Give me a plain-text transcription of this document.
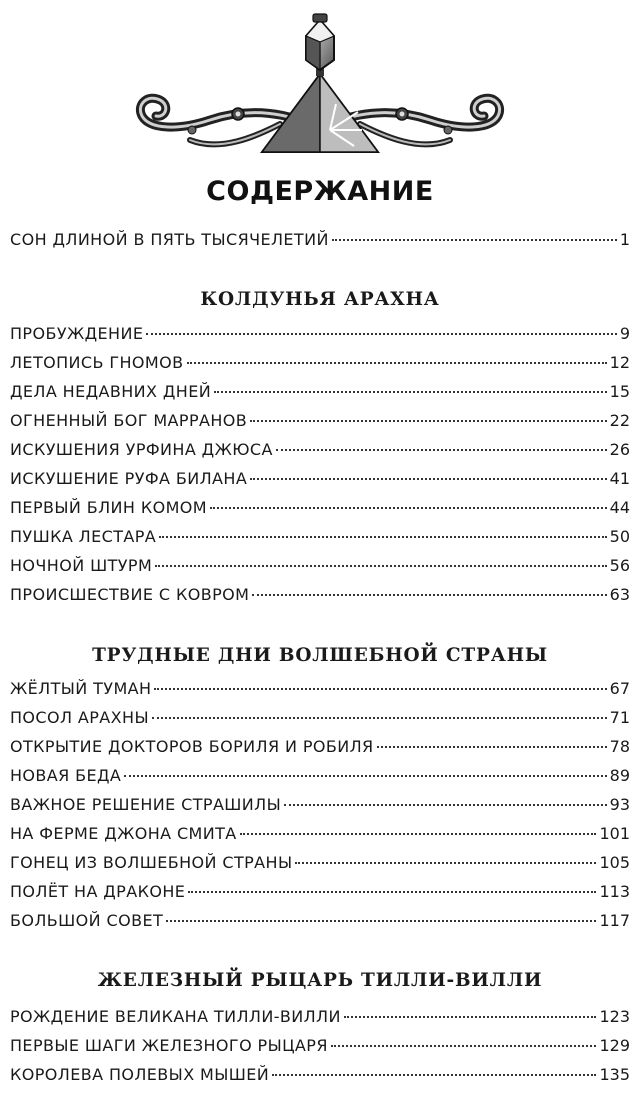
СОДЕРЖАНИЕ
СОН ДЛИНОЙ В ПЯТЬ ТЫСЯЧЕЛЕТИЙ	1
КОЛДУНЬЯ АРАХНА
ПРОБУЖДЕНИЕ	9
ЛЕТОПИСЬ ГНОМОВ	12
ДЕЛА НЕДАВНИХ ДНЕЙ	15
ОГНЕННЫЙ БОГ МАРРАНОВ	22
ИСКУШЕНИЯ УРФИНА ДЖЮСА	26
ИСКУШЕНИЕ РУФА БИЛАНА	41
ПЕРВЫЙ БЛИН КОМОМ	44
ПУШКА ЛЕСТАРА	50
НОЧНОЙ ШТУРМ	56
ПРОИСШЕСТВИЕ С КОВРОМ	63
ТРУДНЫЕ ДНИ ВОЛШЕБНОЙ СТРАНЫ
ЖЁЛТЫЙ ТУМАН	67
ПОСОЛ АРАХНЫ	71
ОТКРЫТИЕ ДОКТОРОВ БОРИЛЯ И РОБИЛЯ	78
НОВАЯ БЕДА	89
ВАЖНОЕ РЕШЕНИЕ СТРАШИЛЫ	93
НА ФЕРМЕ ДЖОНА СМИТА	101
ГОНЕЦ ИЗ ВОЛШЕБНОЙ СТРАНЫ	105
ПОЛЁТ НА ДРАКОНЕ	113
БОЛЬШОЙ СОВЕТ	117
ЖЕЛЕЗНЫЙ РЫЦАРЬ ТИЛЛИ-ВИЛЛИ
РОЖДЕНИЕ ВЕЛИКАНА ТИЛЛИ-ВИЛЛИ	123
ПЕРВЫЕ ШАГИ ЖЕЛЕЗНОГО РЫЦАРЯ	129
КОРОЛЕВА ПОЛЕВЫХ МЫШЕЙ	135
